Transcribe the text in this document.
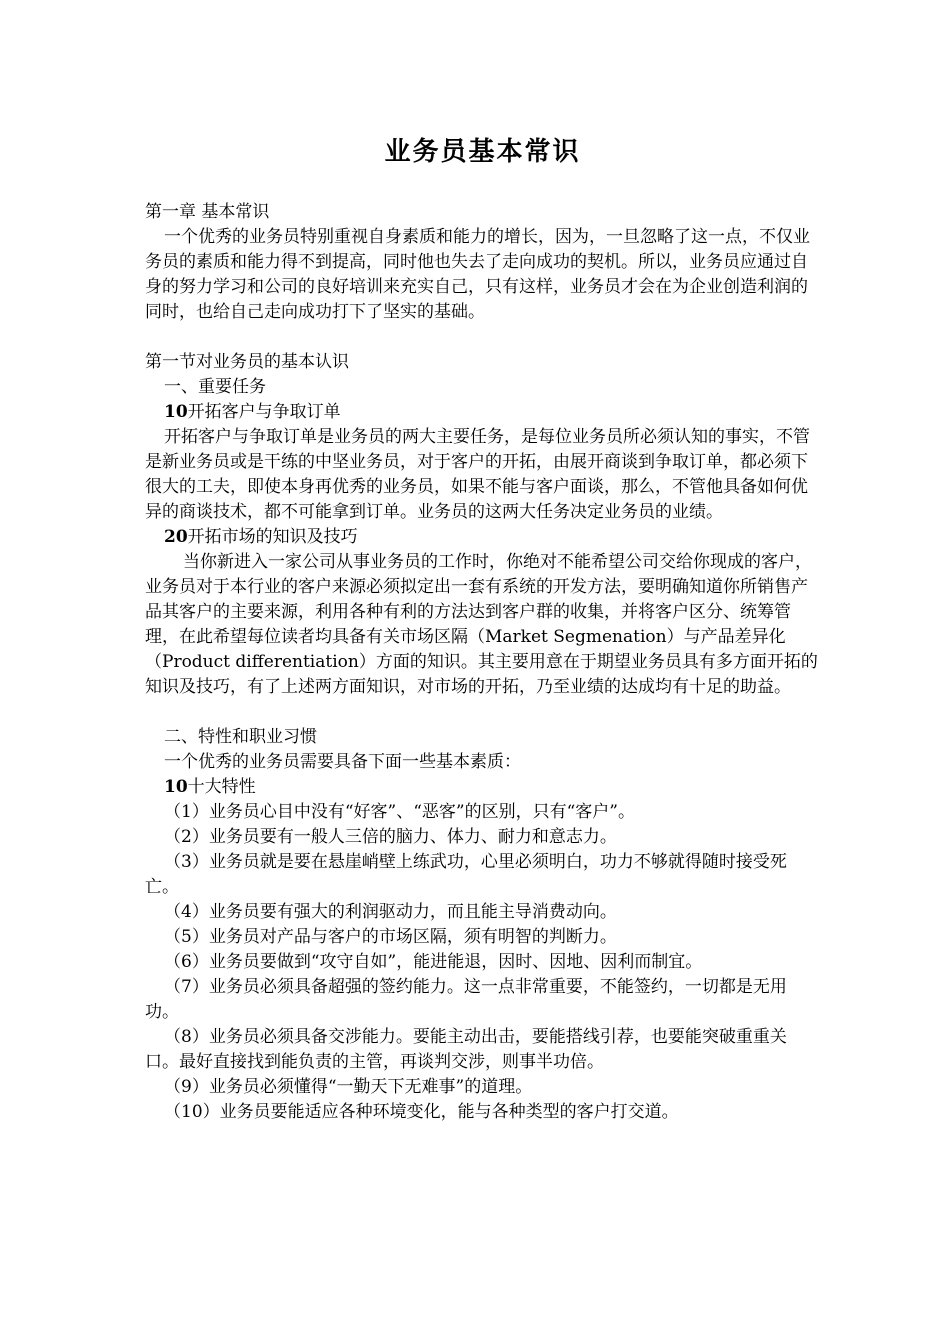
业务员基本常识

第一章 基本常识

一个优秀的业务员特别重视自身素质和能力的增长，因为，一旦忽略了这一点，不仅业务员的素质和能力得不到提高，同时他也失去了走向成功的契机。所以，业务员应通过自身的努力学习和公司的良好培训来充实自己，只有这样，业务员才会在为企业创造利润的同时，也给自己走向成功打下了坚实的基础。

第一节对业务员的基本认识

一、重要任务

10开拓客户与争取订单

开拓客户与争取订单是业务员的两大主要任务，是每位业务员所必须认知的事实，不管是新业务员或是干练的中坚业务员，对于客户的开拓，由展开商谈到争取订单，都必须下很大的工夫，即使本身再优秀的业务员，如果不能与客户面谈，那么，不管他具备如何优异的商谈技术，都不可能拿到订单。业务员的这两大任务决定业务员的业绩。

20开拓市场的知识及技巧

当你新进入一家公司从事业务员的工作时，你绝对不能希望公司交给你现成的客户，业务员对于本行业的客户来源必须拟定出一套有系统的开发方法，要明确知道你所销售产品其客户的主要来源，利用各种有利的方法达到客户群的收集，并将客户区分、统筹管理，在此希望每位读者均具备有关市场区隔（Market Segmenation）与产品差异化（Product differentiation）方面的知识。其主要用意在于期望业务员具有多方面开拓的知识及技巧，有了上述两方面知识，对市场的开拓，乃至业绩的达成均有十足的助益。

二、特性和职业习惯

一个优秀的业务员需要具备下面一些基本素质：

10十大特性

（1）业务员心目中没有“好客”、“恶客”的区别，只有“客户”。

（2）业务员要有一般人三倍的脑力、体力、耐力和意志力。

（3）业务员就是要在悬崖峭壁上练武功，心里必须明白，功力不够就得随时接受死亡。

（4）业务员要有强大的利润驱动力，而且能主导消费动向。

（5）业务员对产品与客户的市场区隔，须有明智的判断力。

（6）业务员要做到“攻守自如”，能进能退，因时、因地、因利而制宜。

（7）业务员必须具备超强的签约能力。这一点非常重要，不能签约，一切都是无用功。

（8）业务员必须具备交涉能力。要能主动出击，要能搭线引荐，也要能突破重重关口。最好直接找到能负责的主管，再谈判交涉，则事半功倍。

（9）业务员必须懂得“一勤天下无难事”的道理。

（10）业务员要能适应各种环境变化，能与各种类型的客户打交道。
